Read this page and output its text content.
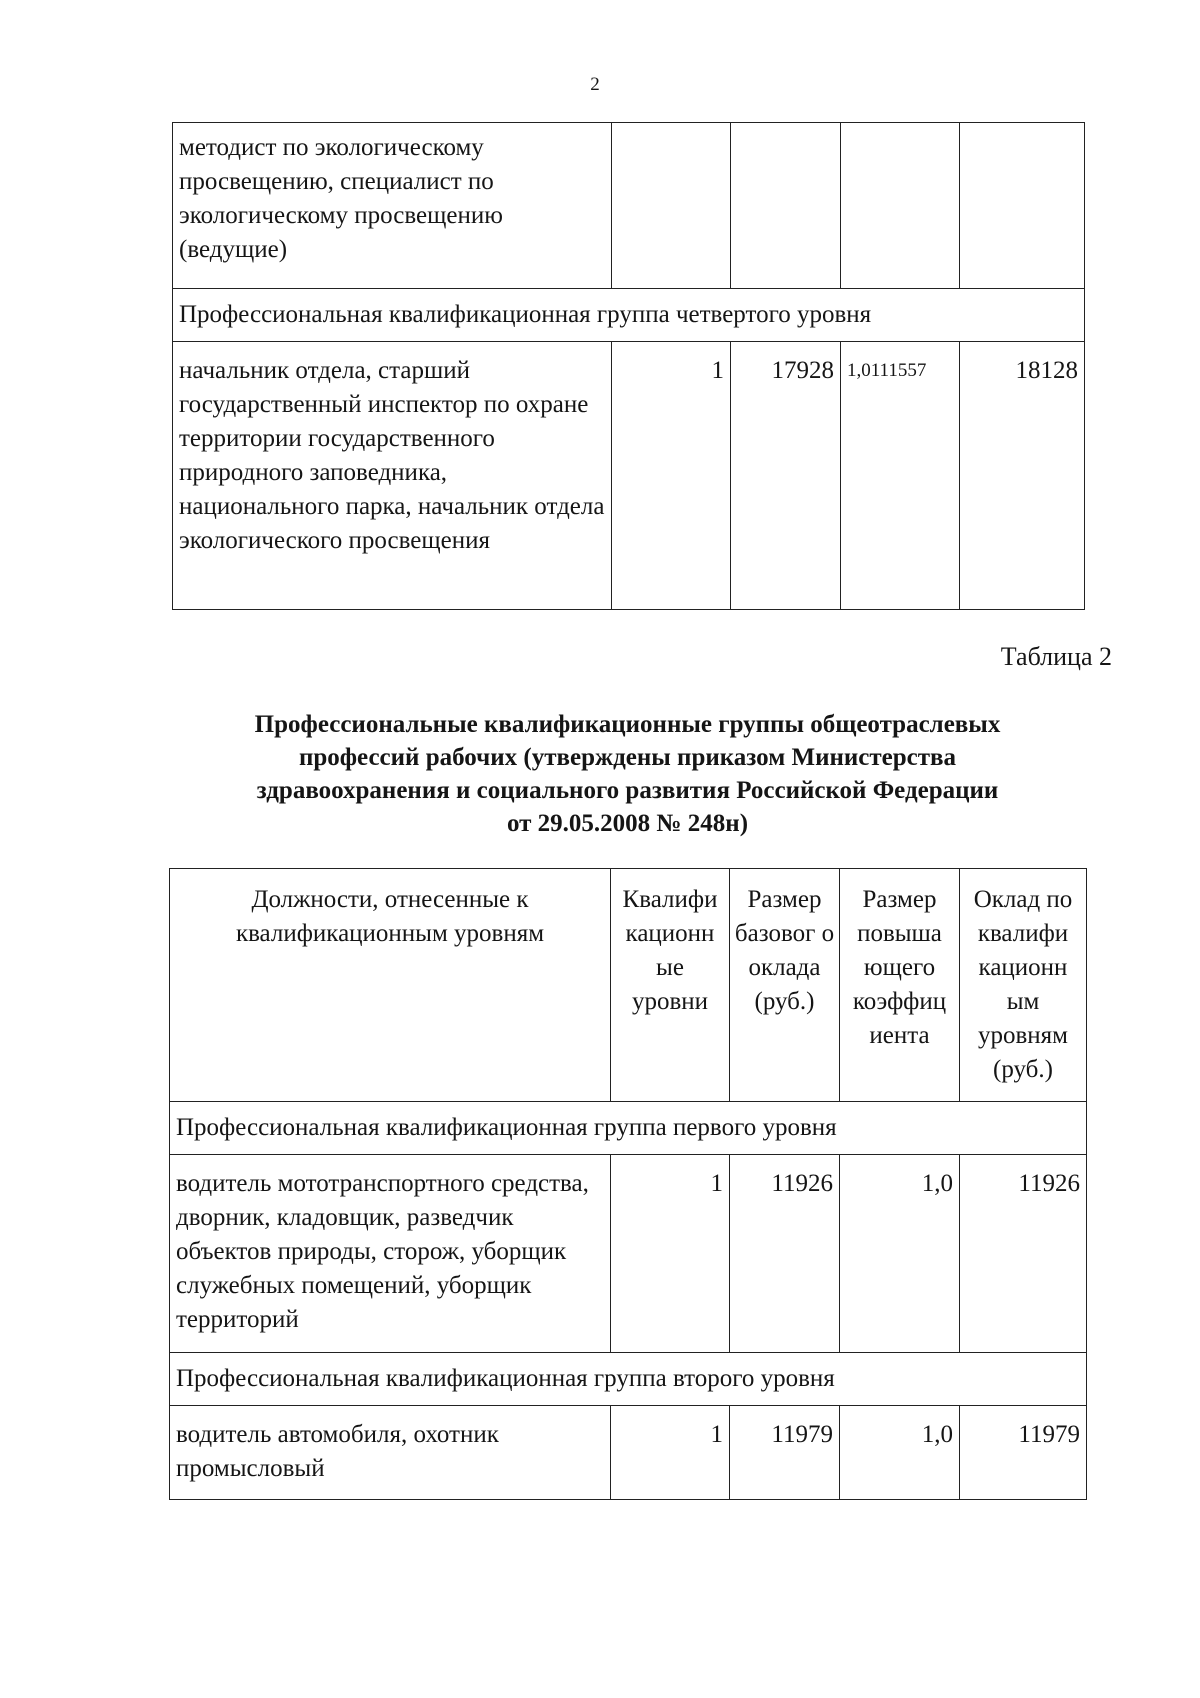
2
методист по экологическому просвещению, специалист по экологическому просвещению (ведущие)				
Профессиональная квалификационная группа четвертого уровня				
начальник отдела, старший государственный инспектор по охране территории государственного природного заповедника, национального парка, начальник отдела экологического просвещения	1	17928	1,0111557	18128
Таблица 2
Профессиональные квалификационные группы общеотраслевых
профессий рабочих (утверждены приказом Министерства
здравоохранения и социального развития Российской Федерации
от 29.05.2008 № 248н)
Должности, отнесенные к квалификационным уровням	Квалифи кационн ые уровни	Размер базовог о оклада (руб.)	Размер повыша ющего коэффиц иента	Оклад по квалифи кационн ым уровням (руб.)
Профессиональная квалификационная группа первого уровня				
водитель мототранспортного средства, дворник, кладовщик, разведчик объектов природы, сторож, уборщик служебных помещений, уборщик территорий	1	11926	1,0	11926
Профессиональная квалификационная группа второго уровня				
водитель автомобиля, охотник промысловый	1	11979	1,0	11979
